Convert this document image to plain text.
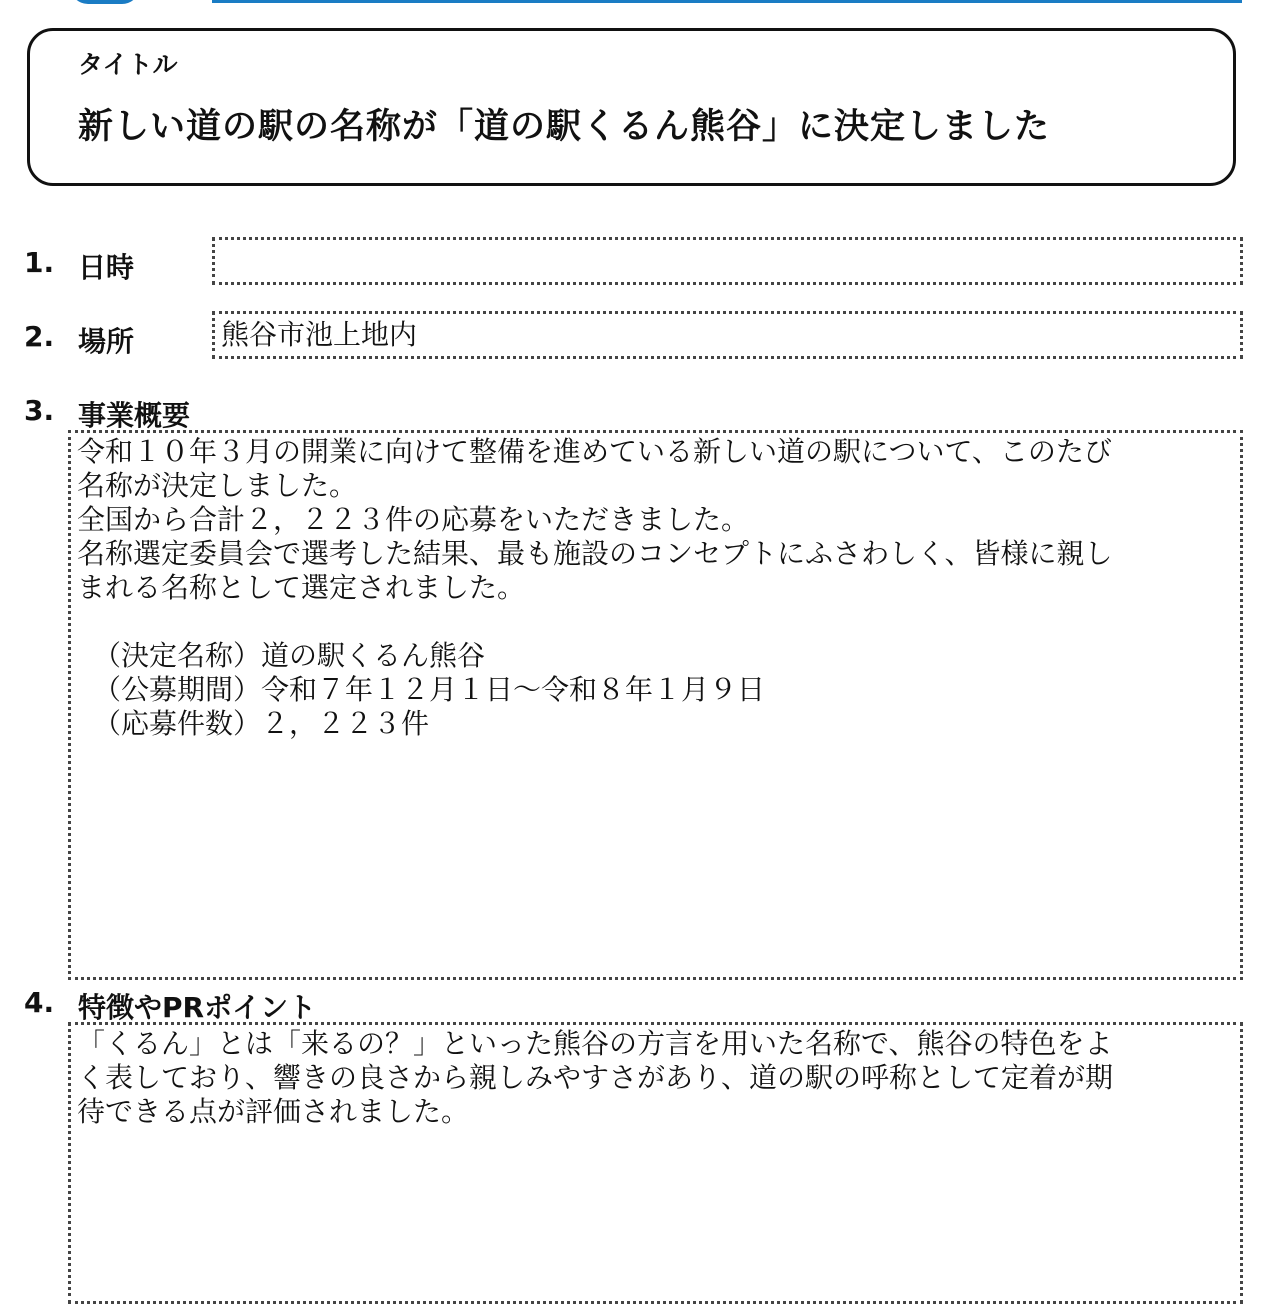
タイトル
新しい道の駅の名称が「道の駅くるん熊谷」に決定しました
1. 日時
2. 場所	熊谷市池上地内
3. 事業概要

令和１０年３月の開業に向けて整備を進めている新しい道の駅について、このたび

名称が決定しました。

全国から合計２，２２３件の応募をいただきました。

名称選定委員会で選考した結果、最も施設のコンセプトにふさわしく、皆様に親し

まれる名称として選定されました。

（決定名称）道の駅くるん熊谷

（公募期間）令和７年１２月１日～令和８年１月９日

（応募件数）２，２２３件

4. 特徴やPRポイント

「くるん」とは「来るの？」といった熊谷の方言を用いた名称で、熊谷の特色をよ

く表しており、響きの良さから親しみやすさがあり、道の駅の呼称として定着が期

待できる点が評価されました。
